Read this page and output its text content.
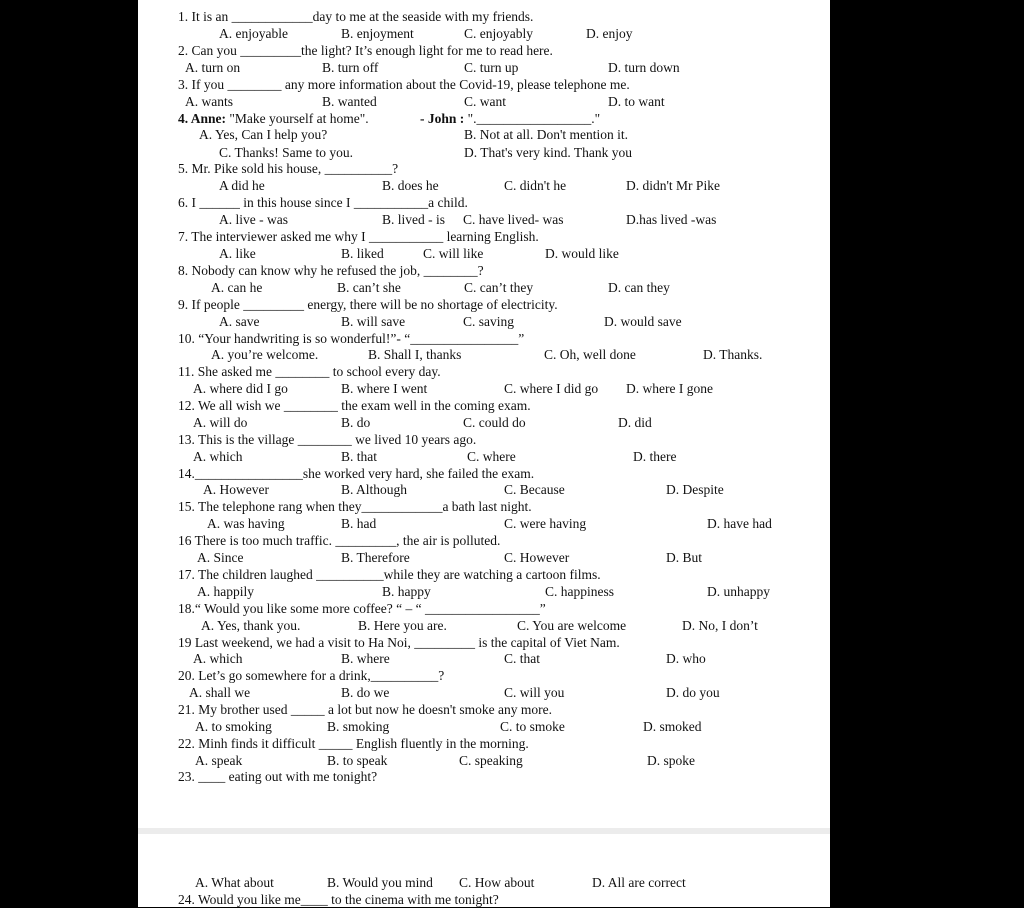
1. It is an ____________day to me at the seaside with my friends.
A. enjoyable	B. enjoyment	C. enjoyably	D. enjoy
2. Can you _________the light? It’s enough light for me to read here.
A. turn on	B. turn off	C. turn up	D. turn down
3. If you ________ any more information about the Covid-19, please telephone me.
A. wants	B. wanted	C. want	D. to want
4. Anne: "Make yourself at home".	- John : "._________________."
A. Yes, Can I help you?	B. Not at all. Don't mention it.
C. Thanks! Same to you.	D. That's very kind. Thank you
5. Mr. Pike sold his house, __________?
A did he	B. does he	C. didn't he	D. didn't Mr Pike
6. I ______ in this house since I ___________a child.
A. live - was	B. lived - is C. have lived- was	D.has lived -was
7. The interviewer asked me why I ___________ learning English.
A. like	B. liked	C. will like	D. would like
8. Nobody can know why he refused the job, ________?
A. can he	B. can’t she	C. can’t they	D. can they
9. If people _________ energy, there will be no shortage of electricity.
A. save	B. will save	C. saving	D. would save
10. “Your handwriting is so wonderful!”- “________________”
A. you’re welcome.	B. Shall I, thanks	C. Oh, well done	D. Thanks.
11. She asked me ________ to school every day.
A. where did I go	B. where I went	C. where I did go D. where I gone
12. We all wish we ________ the exam well in the coming exam.
A. will do	B. do	C. could do	D. did
13. This is the village ________ we lived 10 years ago.
A. which	B. that	C. where	D. there
14.________________she worked very hard, she failed the exam.
A. However	B. Although	C. Because	D. Despite
15. The telephone rang when they____________a bath last night.
A. was having	B. had	C. were having	D. have had
16 There is too much traffic. _________, the air is polluted.
A. Since	B. Therefore	C. However	D. But
17. The children laughed __________while they are watching a cartoon films.
A. happily	B. happy	C. happiness	D. unhappy
18.“ Would you like some more coffee? “ – “ _________________”
A. Yes, thank you.	B. Here you are.	C. You are welcome	D. No, I don’t
19 Last weekend, we had a visit to Ha Noi, _________ is the capital of Viet Nam.
A. which	B. where	C. that	D. who
20. Let’s go somewhere for a drink,__________?
A. shall we	B. do we	C. will you	D. do you
21. My brother used _____ a lot but now he doesn't smoke any more.
A. to smoking	B. smoking	C. to smoke	D. smoked
22. Minh finds it difficult _____ English fluently in the morning.
A. speak	B. to speak	C. speaking	D. spoke
23. ____ eating out with me tonight?
A. What about	B. Would you mind C. How about	D. All are correct
24. Would you like me____ to the cinema with me tonight?
